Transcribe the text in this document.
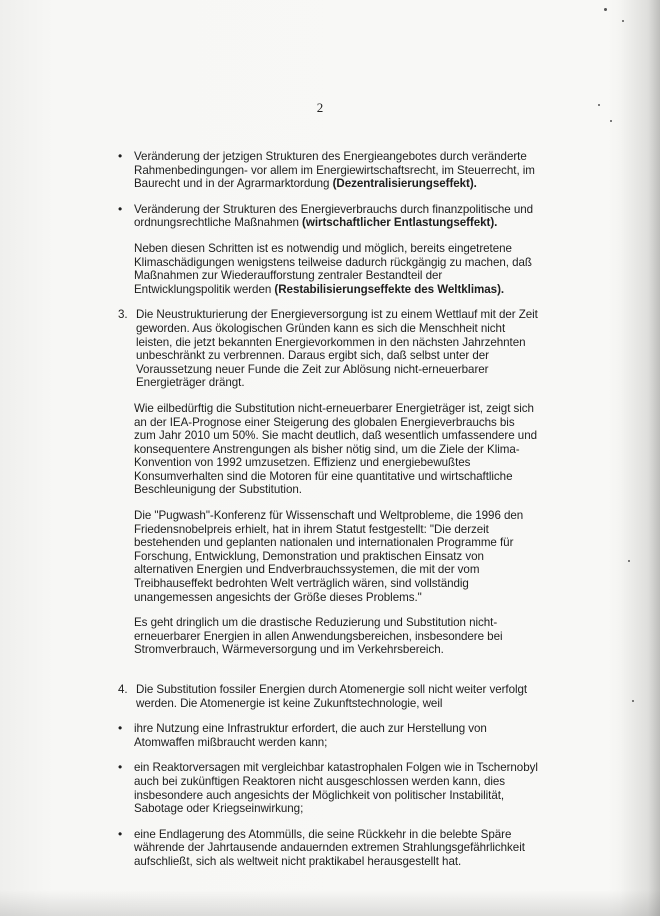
2
• Veränderung der jetzigen Strukturen des Energieangebotes durch veränderte Rahmenbedingungen- vor allem im Energiewirtschaftsrecht, im Steuerrecht, im Baurecht und in der Agrarmarktordung (Dezentralisierungseffekt).
• Veränderung der Strukturen des Energieverbrauchs durch finanzpolitische und ordnungsrechtliche Maßnahmen (wirtschaftlicher Entlastungseffekt).
Neben diesen Schritten ist es notwendig und möglich, bereits eingetretene Klimaschädigungen wenigstens teilweise dadurch rückgängig zu machen, daß Maßnahmen zur Wiederaufforstung zentraler Bestandteil der Entwicklungspolitik werden (Restabilisierungseffekte des Weltklimas).
3. Die Neustrukturierung der Energieversorgung ist zu einem Wettlauf mit der Zeit geworden. Aus ökologischen Gründen kann es sich die Menschheit nicht leisten, die jetzt bekannten Energievorkommen in den nächsten Jahrzehnten unbeschränkt zu verbrennen. Daraus ergibt sich, daß selbst unter der Voraussetzung neuer Funde die Zeit zur Ablösung nicht-erneuerbarer Energieträger drängt.
Wie eilbedürftig die Substitution nicht-erneuerbarer Energieträger ist, zeigt sich an der IEA-Prognose einer Steigerung des globalen Energieverbrauchs bis zum Jahr 2010 um 50%. Sie macht deutlich, daß wesentlich umfassendere und konsequentere Anstrengungen als bisher nötig sind, um die Ziele der Klima-Konvention von 1992 umzusetzen. Effizienz und energiebewußtes Konsumverhalten sind die Motoren für eine quantitative und wirtschaftliche Beschleunigung der Substitution.
Die "Pugwash"-Konferenz für Wissenschaft und Weltprobleme, die 1996 den Friedensnobelpreis erhielt, hat in ihrem Statut festgestellt: "Die derzeit bestehenden und geplanten nationalen und internationalen Programme für Forschung, Entwicklung, Demonstration und praktischen Einsatz von alternativen Energien und Endverbrauchssystemen, die mit der vom Treibhauseffekt bedrohten Welt verträglich wären, sind vollständig unangemessen angesichts der Größe dieses Problems."
Es geht dringlich um die drastische Reduzierung und Substitution nicht-erneuerbarer Energien in allen Anwendungsbereichen, insbesondere bei Stromverbrauch, Wärmeversorgung und im Verkehrsbereich.
4. Die Substitution fossiler Energien durch Atomenergie soll nicht weiter verfolgt werden. Die Atomenergie ist keine Zukunftstechnologie, weil
• ihre Nutzung eine Infrastruktur erfordert, die auch zur Herstellung von Atomwaffen mißbraucht werden kann;
• ein Reaktorversagen mit vergleichbar katastrophalen Folgen wie in Tschernobyl auch bei zukünftigen Reaktoren nicht ausgeschlossen werden kann, dies insbesondere auch angesichts der Möglichkeit von politischer Instabilität, Sabotage oder Kriegseinwirkung;
• eine Endlagerung des Atommülls, die seine Rückkehr in die belebte Späre währende der Jahrtausende andauernden extremen Strahlungsgefährlichkeit aufschließt, sich als weltweit nicht praktikabel herausgestellt hat.
